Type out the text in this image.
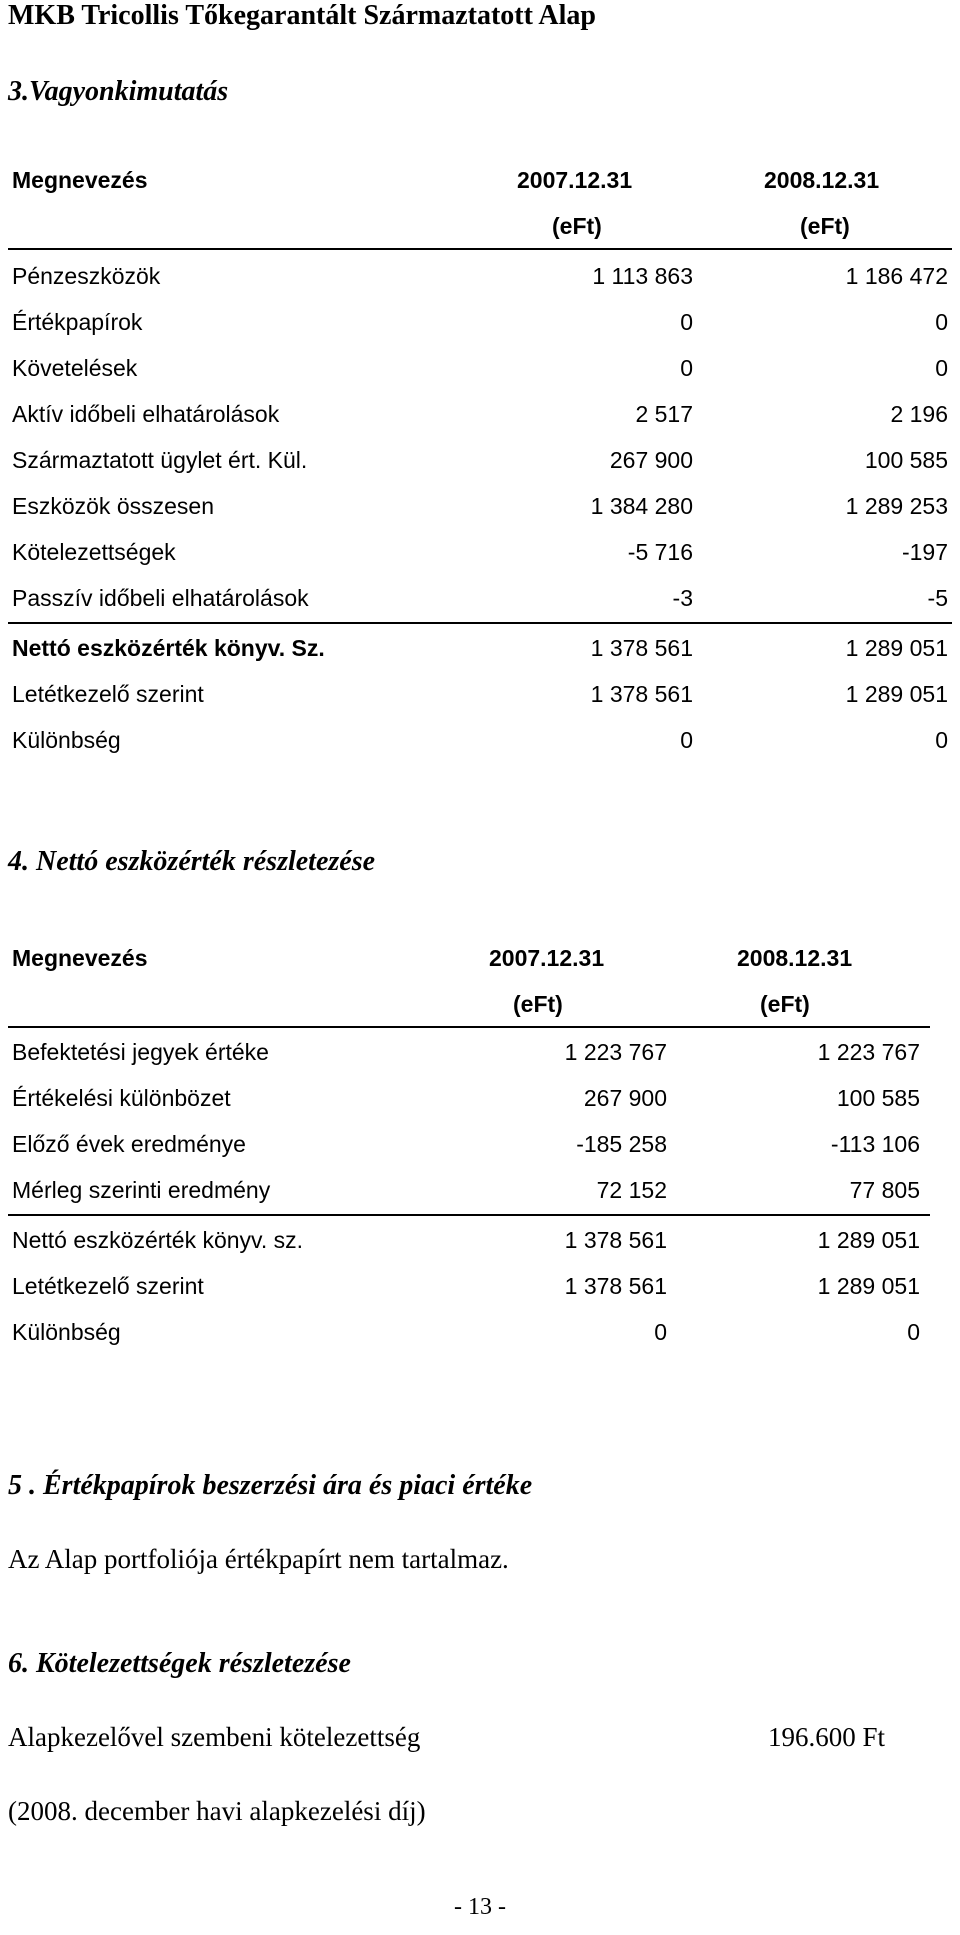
MKB Tricollis Tőkegarantált Származtatott Alap
3.Vagyonkimutatás
Megnevezés	2007.12.31	2008.12.31
(eFt)	(eFt)
Pénzeszközök	1 113 863	1 186 472
Értékpapírok	0	0
Követelések	0	0
Aktív időbeli elhatárolások	2 517	2 196
Származtatott ügylet ért. Kül.	267 900	100 585
Eszközök összesen	1 384 280	1 289 253
Kötelezettségek	-5 716	-197
Passzív időbeli elhatárolások	-3	-5
Nettó eszközérték könyv. Sz.	1 378 561	1 289 051
Letétkezelő szerint	1 378 561	1 289 051
Különbség	0	0
4. Nettó eszközérték részletezése
Megnevezés	2007.12.31	2008.12.31
(eFt)	(eFt)
Befektetési jegyek értéke	1 223 767	1 223 767
Értékelési különbözet	267 900	100 585
Előző évek eredménye	-185 258	-113 106
Mérleg szerinti eredmény	72 152	77 805
Nettó eszközérték könyv. sz.	1 378 561	1 289 051
Letétkezelő szerint	1 378 561	1 289 051
Különbség	0	0
5 . Értékpapírok beszerzési ára és piaci értéke
Az Alap portfoliója értékpapírt nem tartalmaz.
6. Kötelezettségek részletezése
Alapkezelővel szembeni kötelezettség	196.600 Ft
(2008. december havi alapkezelési díj)
- 13 -
